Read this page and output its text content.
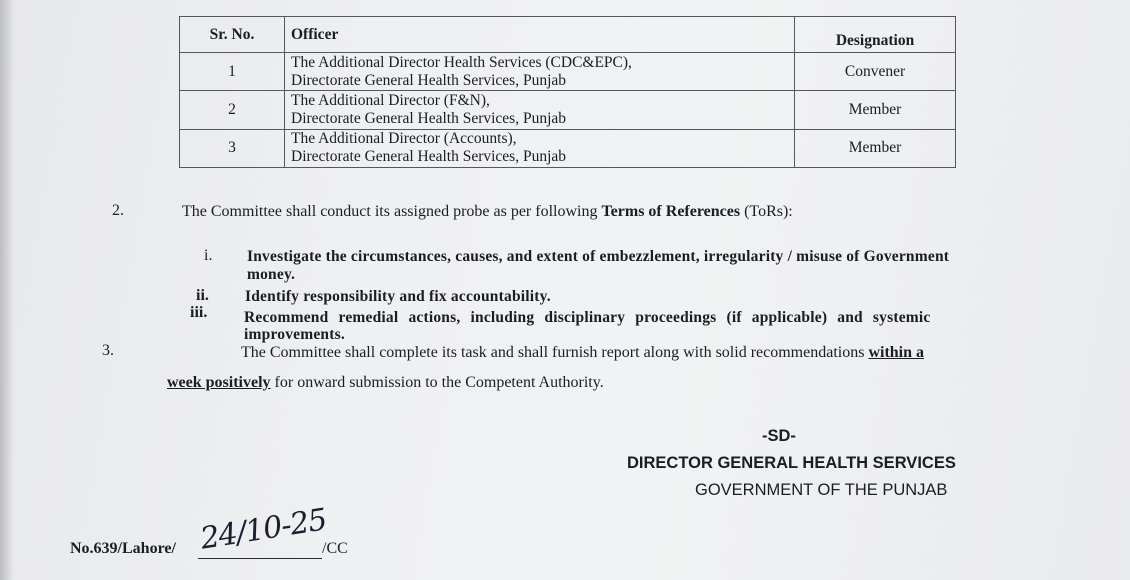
Sr. No.	Officer	Designation
1	The Additional Director Health Services (CDC&EPC),
Directorate General Health Services, Punjab	Convener
2	The Additional Director (F&N),
Directorate General Health Services, Punjab	Member
3	The Additional Director (Accounts),
Directorate General Health Services, Punjab	Member
2.	The Committee shall conduct its assigned probe as per following Terms of References (ToRs):
i. Investigate the circumstances, causes, and extent of embezzlement, irregularity / misuse of Government
money.
ii. Identify responsibility and fix accountability.
iii. Recommend remedial actions, including disciplinary proceedings (if applicable) and systemic
improvements.
3.	The Committee shall complete its task and shall furnish report along with solid recommendations within a
week positively for onward submission to the Competent Authority.
-SD-
DIRECTOR GENERAL HEALTH SERVICES
GOVERNMENT OF THE PUNJAB
No.639/Lahore/	/CC
24/10-25
